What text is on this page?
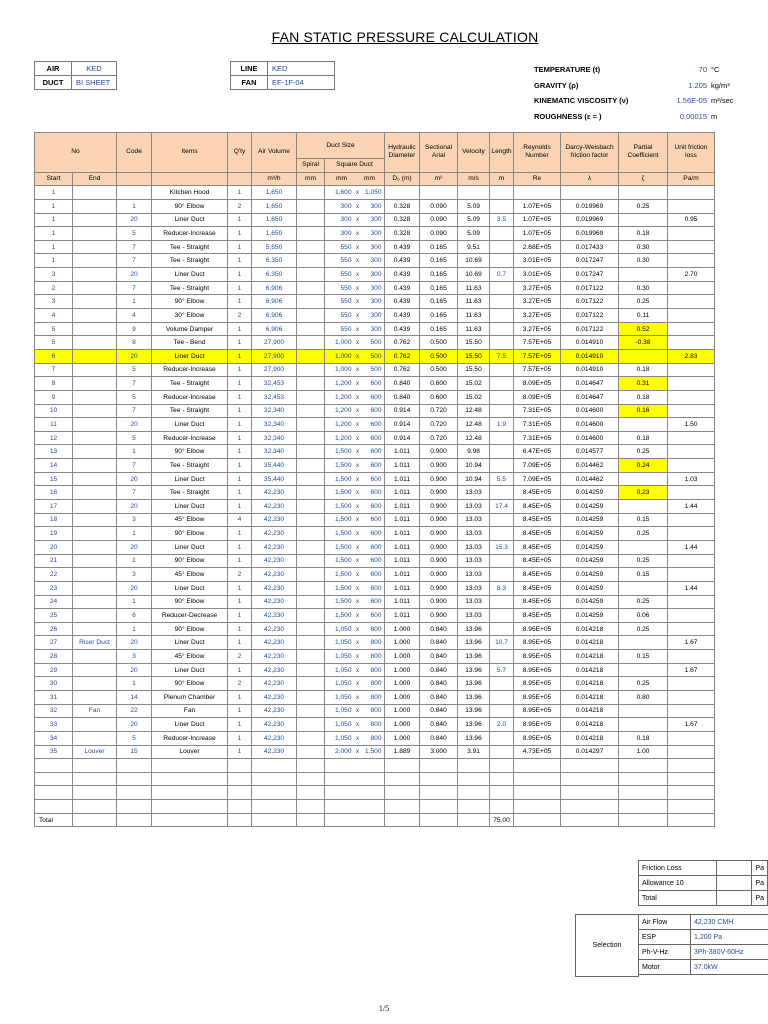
FAN STATIC PRESSURE CALCULATION
AIR	KED
DUCT	BI SHEET
LINE	KED
FAN	EF-1F-04
TEMPERATURE (t)	70 °C
GRAVITY (ρ)	1.205 kg/m³
KINEMATIC VISCOSITY (ν)	1.56E-05 m²/sec
ROUGHNESS (ε = )	0.00015 m
No		Code	Items	Q'ty	Air Volume	Duct Size		Hydraulic Diameter	Sectional Arial	Velocity	Length	Reynolds Number	Darcy-Weisbach friction factor	Partial Coefficient	Unit friction loss
						Spiral	Square Duct								
Start	End				m³/h	mm	mm mm	D₀ (m)	m²	m/s	m	Re	λ	ζ	Pa/m
1			Kitchen Hood	1	1,650		1,600 x 1,050								
1		1	90° Elbow	2	1,650		300 x 300	0.328	0.090	5.09		1.07E+05	0.019969	0.25	
1		20	Liner Duct	1	1,650		300 x 300	0.328	0.090	5.09	3.5	1.07E+05	0.019969		0.95
1		5	Reducer-Increase	1	1,650		300 x 300	0.328	0.090	5.09		1.07E+05	0.019969	0.18	
1		7	Tee - Straight	1	5,650		550 x 300	0.439	0.165	9.51		2.68E+05	0.017433	0.30	
1		7	Tee - Straight	1	6,350		550 x 300	0.439	0.165	10.69		3.01E+05	0.017247	0.30	
3		20	Liner Duct	1	6,350		550 x 300	0.439	0.165	10.69	0.7	3.01E+05	0.017247		2.70
2		7	Tee - Straight	1	6,906		550 x 300	0.439	0.165	11.63		3.27E+05	0.017122	0.30	
3		1	90° Elbow	1	6,906		550 x 300	0.439	0.165	11.63		3.27E+05	0.017122	0.25	
4		4	30° Elbow	2	6,906		550 x 300	0.439	0.165	11.63		3.27E+05	0.017122	0.11	
5		9	Volume Damper	1	6,906		550 x 300	0.439	0.165	11.63		3.27E+05	0.017122	0.52	
5		8	Tee - Bend	1	27,900		1,000 x 500	0.762	0.500	15.50		7.57E+05	0.014910	-0.38	
6		20	Liner Duct	1	27,900		1,000 x 500	0.762	0.500	15.50	7.5	7.57E+05	0.014910		2.83
7		5	Reducer-Increase	1	27,900		1,000 x 500	0.762	0.500	15.50		7.57E+05	0.014910	0.18	
8		7	Tee - Straight	1	32,453		1,200 x 600	0.840	0.600	15.02		8.09E+05	0.014647	0.31	
9		5	Reducer-Increase	1	32,453		1,200 x 600	0.840	0.600	15.02		8.09E+05	0.014647	0.18	
10		7	Tee - Straight	1	32,340		1,200 x 600	0.914	0.720	12.48		7.31E+05	0.014600	0.16	
11		20	Liner Duct	1	32,340		1,200 x 600	0.914	0.720	12.48	1.9	7.31E+05	0.014600		1.50
12		5	Reducer-Increase	1	32,340		1,200 x 600	0.914	0.720	12.48		7.31E+05	0.014600	0.18	
13		1	90° Elbow	1	32,340		1,500 x 600	1.011	0.900	9.98		6.47E+05	0.014577	0.25	
14		7	Tee - Straight	1	35,440		1,500 x 600	1.011	0.900	10.94		7.09E+05	0.014462	0.24	
15		20	Liner Duct	1	35,440		1,500 x 600	1.011	0.900	10.94	5.5	7.09E+05	0.014462		1.03
16		7	Tee - Straight	1	42,230		1,500 x 600	1.011	0.900	13.03		8.45E+05	0.014259	0.23	
17		20	Liner Duct	1	42,230		1,500 x 600	1.011	0.900	13.03	17.4	8.45E+05	0.014259		1.44
18		3	45° Elbow	4	42,230		1,500 x 600	1.011	0.900	13.03		8.45E+05	0.014259	0.15	
19		1	90° Elbow	1	42,230		1,500 x 600	1.011	0.900	13.03		8.45E+05	0.014259	0.25	
20		20	Liner Duct	1	42,230		1,500 x 600	1.011	0.900	13.03	15.3	8.45E+05	0.014259		1.44
21		1	90° Elbow	1	42,230		1,500 x 600	1.011	0.900	13.03		8.45E+05	0.014259	0.25	
22		3	45° Elbow	2	42,230		1,500 x 600	1.011	0.900	13.03		8.45E+05	0.014259	0.15	
23		20	Liner Duct	1	42,230		1,500 x 600	1.011	0.900	13.03	8.3	8.45E+05	0.014259		1.44
24		1	90° Elbow	1	42,230		1,500 x 600	1.011	0.900	13.03		8.45E+05	0.014259	0.25	
25		6	Reducer-Decrease	1	42,230		1,500 x 600	1.011	0.900	13.03		8.45E+05	0.014259	0.06	
26		1	90° Elbow	1	42,230		1,050 x 800	1.000	0.840	13.96		8.95E+05	0.014218	0.25	
27	Riser Duct	20	Liner Duct	1	42,230		1,050 x 800	1.000	0.840	13.96	10.7	8.95E+05	0.014218		1.67
28		3	45° Elbow	2	42,230		1,050 x 800	1.000	0.840	13.96		8.95E+05	0.014218	0.15	
29		20	Liner Duct	1	42,230		1,050 x 800	1.000	0.840	13.96	5.7	8.95E+05	0.014218		1.67
30		1	90° Elbow	2	42,230		1,050 x 800	1.000	0.840	13.96		8.95E+05	0.014218	0.25	
31		14	Plenum Chamber	1	42,230		1,050 x 800	1.000	0.840	13.96		8.95E+05	0.014218	0.80	
32	Fan	22	Fan	1	42,230		1,050 x 800	1.000	0.840	13.96		8.95E+05	0.014218		
33		20	Liner Duct	1	42,230		1,050 x 800	1.000	0.840	13.96	2.0	8.95E+05	0.014218		1.67
34		5	Reducer-Increase	1	42,230		1,050 x 800	1.000	0.840	13.96		8.95E+05	0.014218	0.18	
35	Louver	15	Louver	1	42,230		2,000 x 1,500	1.889	3.000	3.91		4.73E+05	0.014297	1.00	

Total											75.00				
Friction Loss		Pa
Allowance 10		Pa
Total		Pa
Selection
Air Flow	42,230 CMH
ESP	1,200 Pa
Ph-V-Hz	3Ph-380V-60Hz
Motor	37.0kW
1/5
